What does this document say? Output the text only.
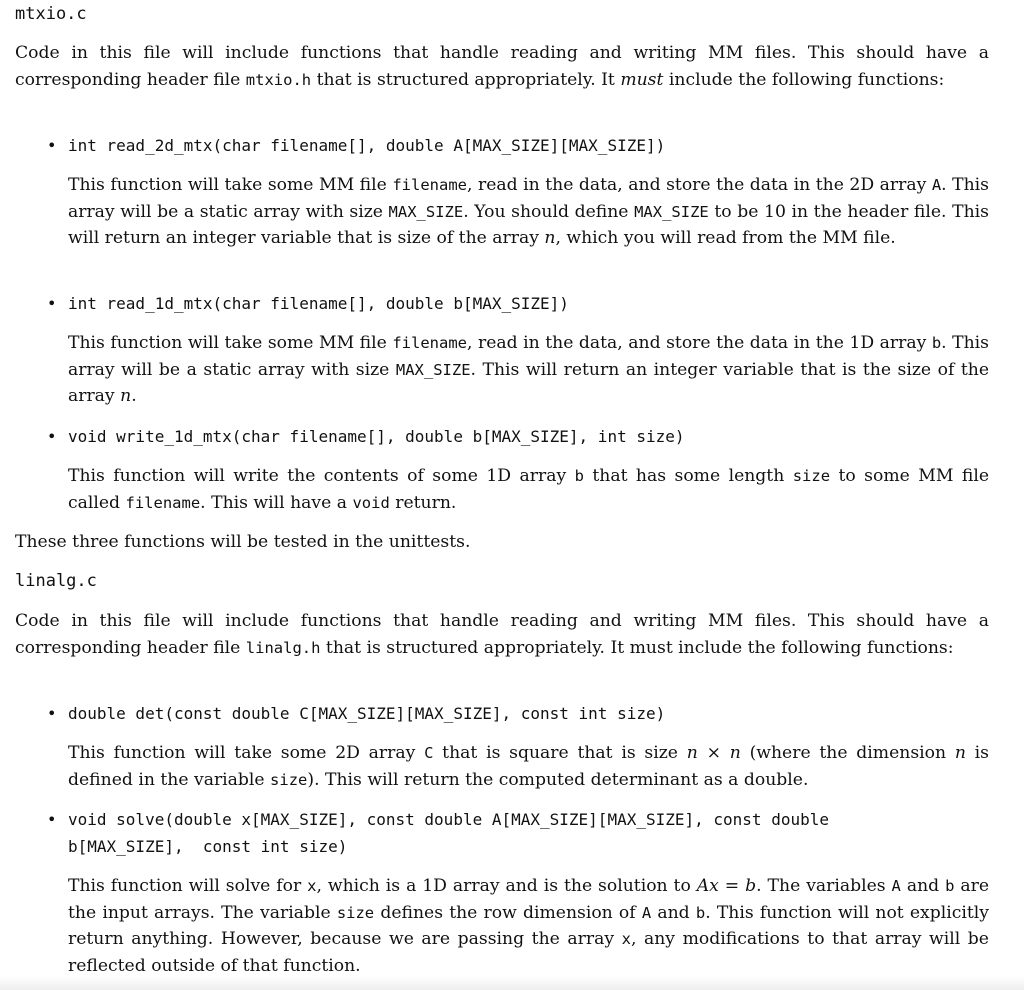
mtxio.c

Code in this file will include functions that handle reading and writing MM files. This should have a corresponding header file mtxio.h that is structured appropriately. It must include the following functions:

• int read_2d_mtx(char filename[], double A[MAX_SIZE][MAX_SIZE])

This function will take some MM file filename, read in the data, and store the data in the 2D array A. This array will be a static array with size MAX_SIZE. You should define MAX_SIZE to be 10 in the header file. This will return an integer variable that is size of the array n, which you will read from the MM file.

• int read_1d_mtx(char filename[], double b[MAX_SIZE])

This function will take some MM file filename, read in the data, and store the data in the 1D array b. This array will be a static array with size MAX_SIZE. This will return an integer variable that is the size of the array n.

• void write_1d_mtx(char filename[], double b[MAX_SIZE], int size)

This function will write the contents of some 1D array b that has some length size to some MM file called filename. This will have a void return.

These three functions will be tested in the unittests.

linalg.c

Code in this file will include functions that handle reading and writing MM files. This should have a corresponding header file linalg.h that is structured appropriately. It must include the following functions:

• double det(const double C[MAX_SIZE][MAX_SIZE], const int size)

This function will take some 2D array C that is square that is size n × n (where the dimension n is defined in the variable size). This will return the computed determinant as a double.

• void solve(double x[MAX_SIZE], const double A[MAX_SIZE][MAX_SIZE], const double
b[MAX_SIZE],  const int size)

This function will solve for x, which is a 1D array and is the solution to Ax = b. The variables A and b are the input arrays. The variable size defines the row dimension of A and b. This function will not explicitly return anything. However, because we are passing the array x, any modifications to that array will be reflected outside of that function.
